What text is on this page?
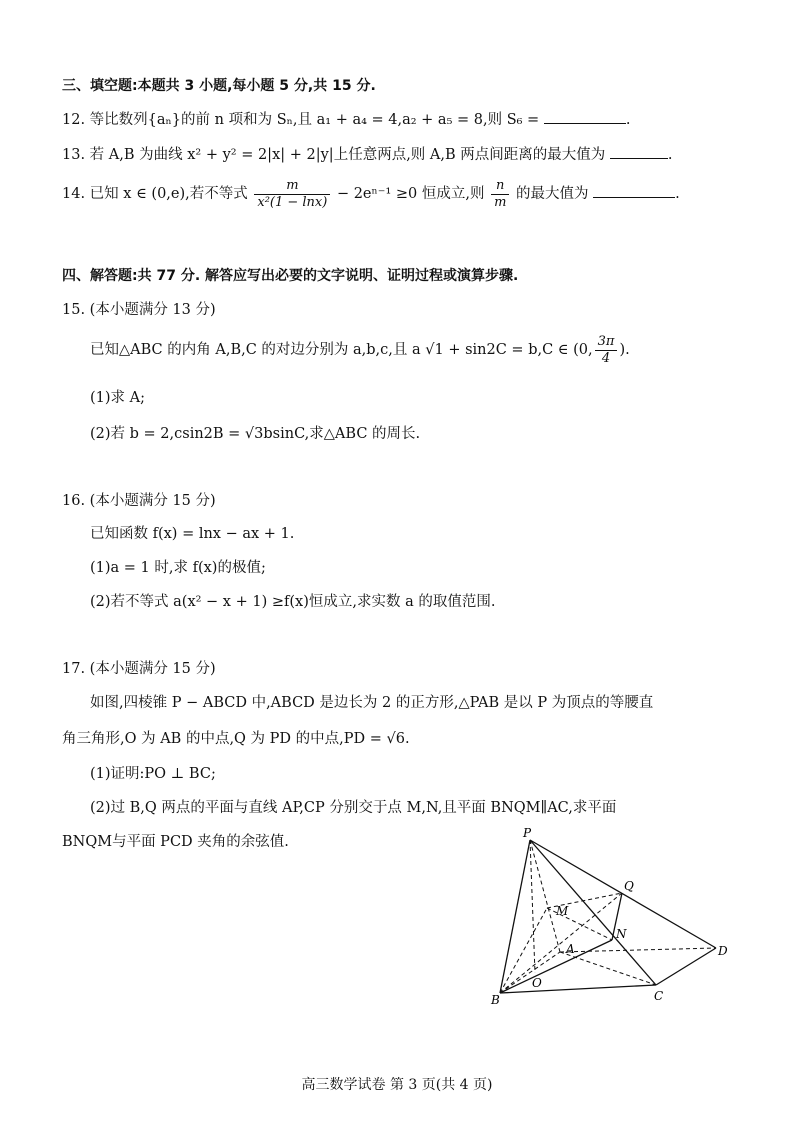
三、填空题:本题共 3 小题,每小题 5 分,共 15 分.
12. 等比数列{aₙ}的前 n 项和为 Sₙ,且 a₁ + a₄ = 4,a₂ + a₅ = 8,则 S₆ =	.
13. 若 A,B 为曲线 x² + y² = 2|x| + 2|y|上任意两点,则 A,B 两点间距离的最大值为	.
14. 已知 x ∈ (0,e),若不等式 $\frac{m}{\text{x²(1 − lnx)}} - 2e^{n-1} \ge 0$ 恒成立,则 $\frac{n}{m}$ 的最大值为	.
四、解答题:共 77 分. 解答应写出必要的文字说明、证明过程或演算步骤.
15. (本小题满分 13 分)
已知△ABC 的内角 A,B,C 的对边分别为 a,b,c,且 a √1 + sin2C = b,C ∈ (0, $\frac{3\pi}{4}$ ).
(1)求 A;
(2)若 b = 2,csin2B = √3bsinC,求△ABC 的周长.
16. (本小题满分 15 分)
已知函数 f(x) = lnx − ax + 1.
(1)a = 1 时,求 f(x)的极值;
(2)若不等式 a(x² − x + 1) ≥f(x)恒成立,求实数 a 的取值范围.
17. (本小题满分 15 分)
如图,四棱锥 P − ABCD 中,ABCD 是边长为 2 的正方形,△PAB 是以 P 为顶点的等腰直
角三角形,O 为 AB 的中点,Q 为 PD 的中点,PD = √6.
(1)证明:PO ⊥ BC;
(2)过 B,Q 两点的平面与直线 AP,CP 分别交于点 M,N,且平面 BNQM∥AC,求平面
BNQM与平面 PCD 夹角的余弦值.
P
Q
M
N
A
O
B	C
D
高三数学试卷 第 3 页(共 4 页)
